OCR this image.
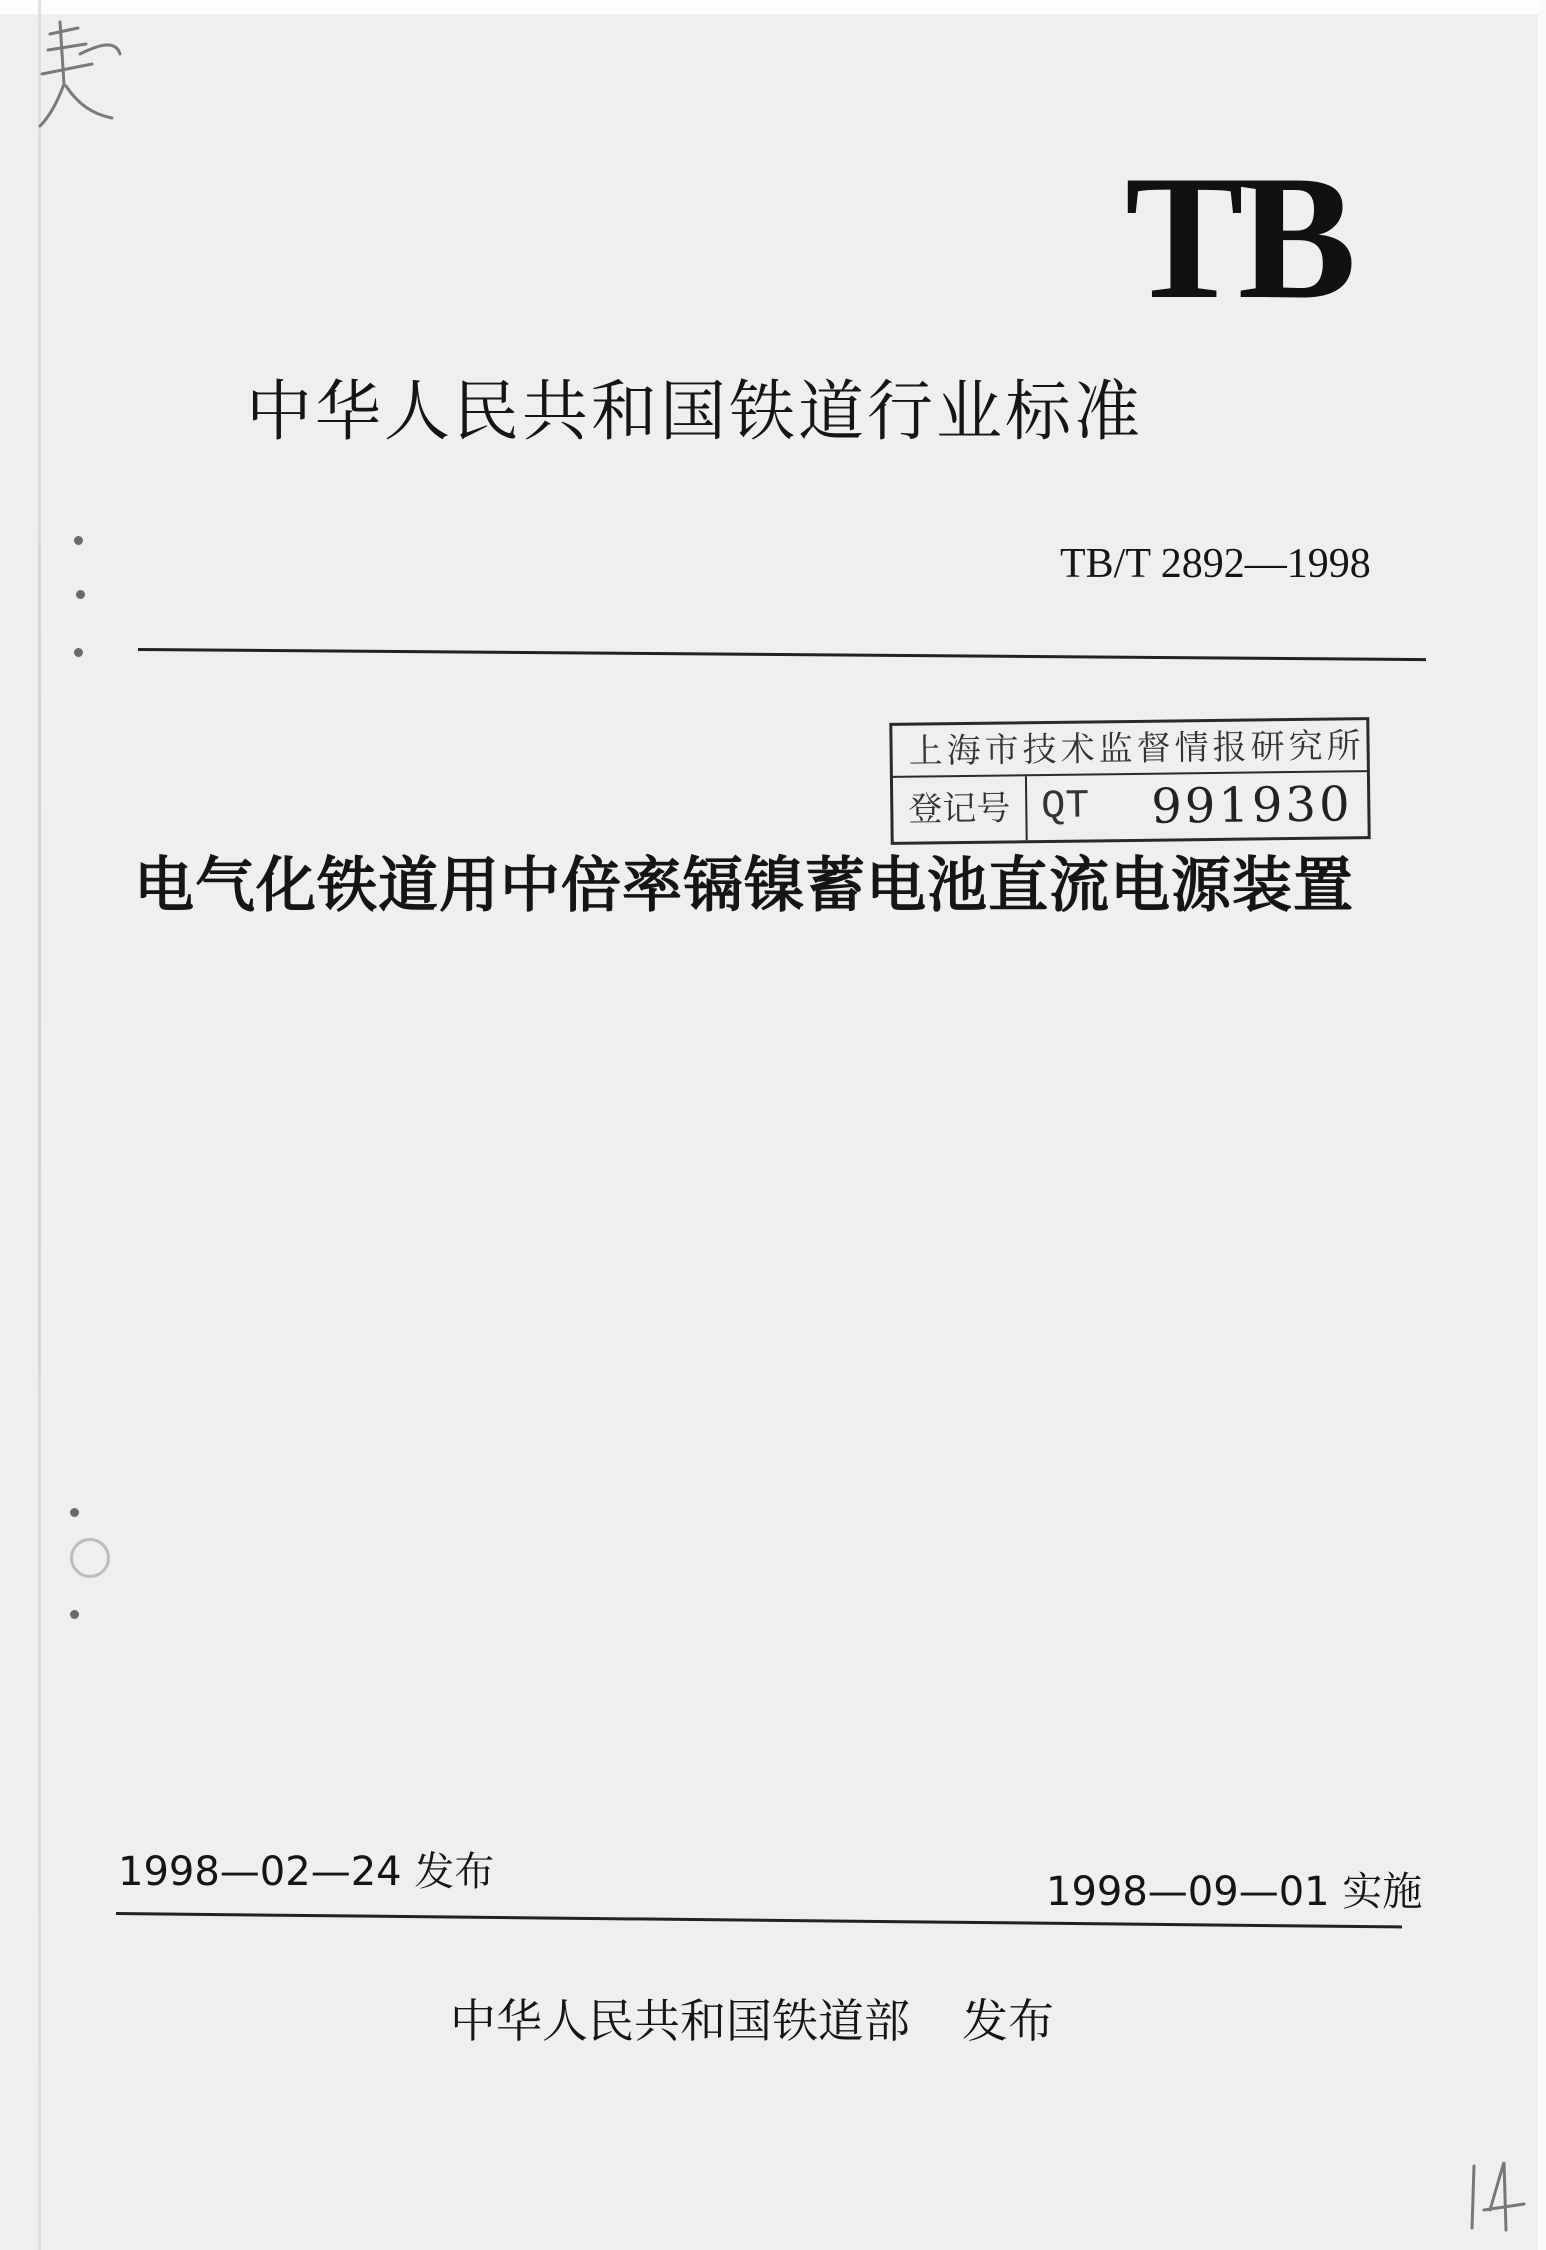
TB
中华人民共和国铁道行业标准
TB/T 2892—1998
上海市技术监督情报研究所
登记号 QT 991930
电气化铁道用中倍率镉镍蓄电池直流电源装置
1998—02—24 发布	1998—09—01 实施
中华人民共和国铁道部 发布
